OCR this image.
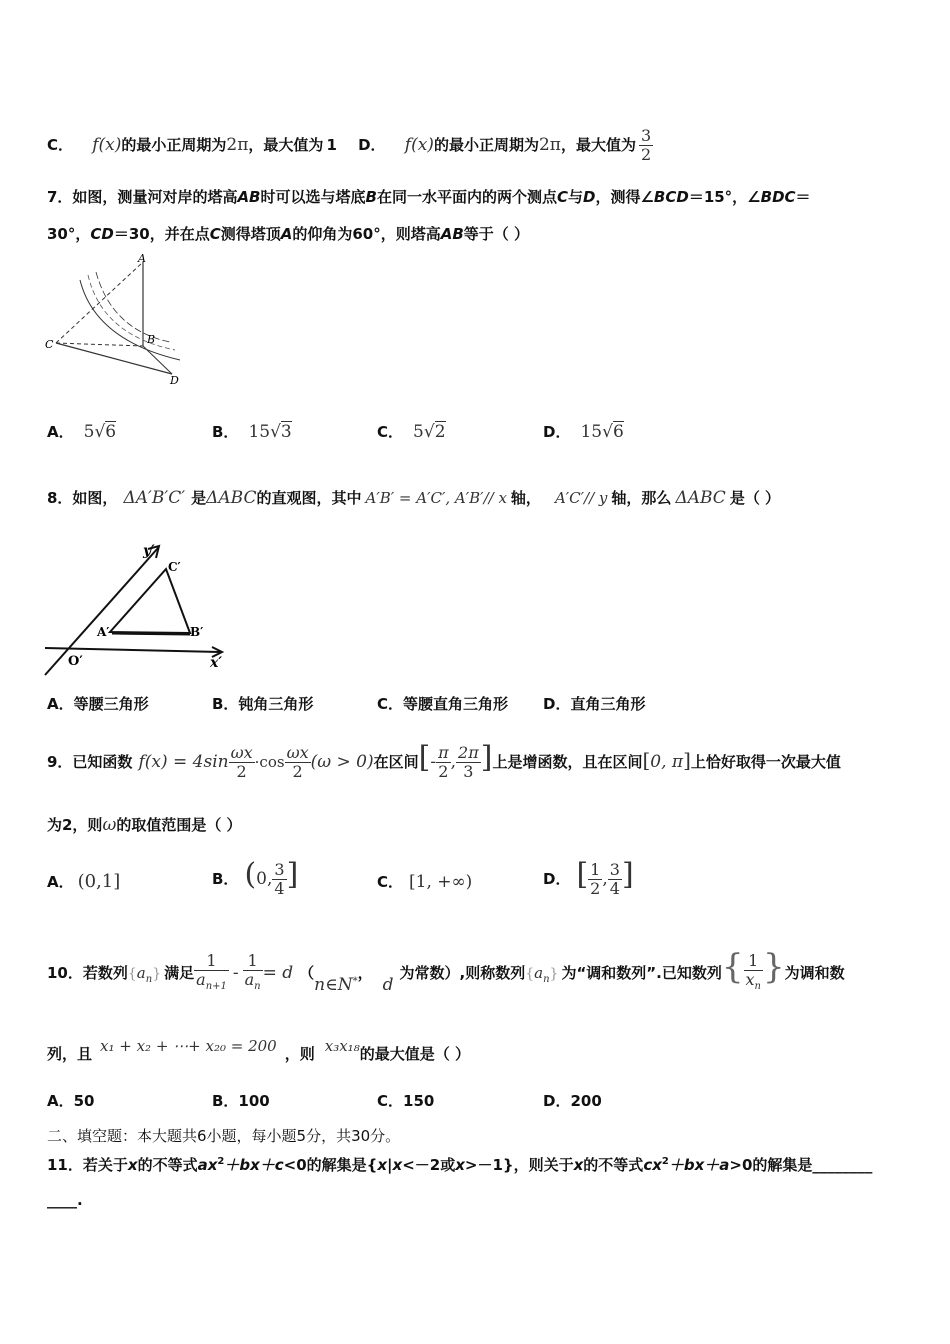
C． f(x)的最小正周期为2π，最大值为 1 D． f(x)的最小正周期为2π，最大值为 $\frac{3}{2}$
7．如图，测量河对岸的塔高AB时可以选与塔底B在同一水平面内的两个测点C与D，测得∠BCD＝15°，∠BDC＝
30°，CD＝30，并在点C测得塔顶A的仰角为60°，则塔高AB等于（ ）
A
B
C
D
A． 5√6	B． 15√3	C． 5√2	D． 15√6
8．如图， ΔA′B′C′ 是ΔABC的直观图，其中 A′B′ = A′C′, A′B′// x 轴， A′C′// y 轴，那么 ΔABC 是（ ）
y′
C′
A′	B′
O′	x′
A．等腰三角形	B．钝角三角形	C．等腰直角三角形 D．直角三角形
9．已知函数 $f(x) = 4\sin \frac{\omega x}{2} \cdot\cos \frac{\omega x}{2} (\omega > 0)$在区间[- $\frac{\pi}{2}$ , $\frac{2\pi}{3}$ ]上是增函数，且在区间[0, π]上恰好取得一次最大值
为2，则ω的取值范围是（ ）
A． (0,1]	B． (0, $\frac{3}{4}$ ]	C． [1, +∞)	D． [ $\frac{1}{2}$ , $\frac{3}{4}$ ]
10．若数列$\{a_n\}$ 满足 $\frac{1}{a_{n+1}} - \frac{1}{a_n} = d$ （$n\in N_*$，d为常数）,则称数列$\{a_n\}$ 为“调和数列”.已知数列{ $\frac{1}{x_n}$ }为调和数
列，且 x₁ + x₂ + ⋯+ x₂₀ = 200 ，则 x₃x₁₈的最大值是（ ）
A．50	B．100	C．150	D．200
二、填空题：本大题共6小题，每小题5分，共30分。
11．若关于x的不等式$ax^2+bx+c<0$的解集是{x|x<－2或x>－1}，则关于x的不等式$cx^2+bx+a>0$的解集是________
____.
